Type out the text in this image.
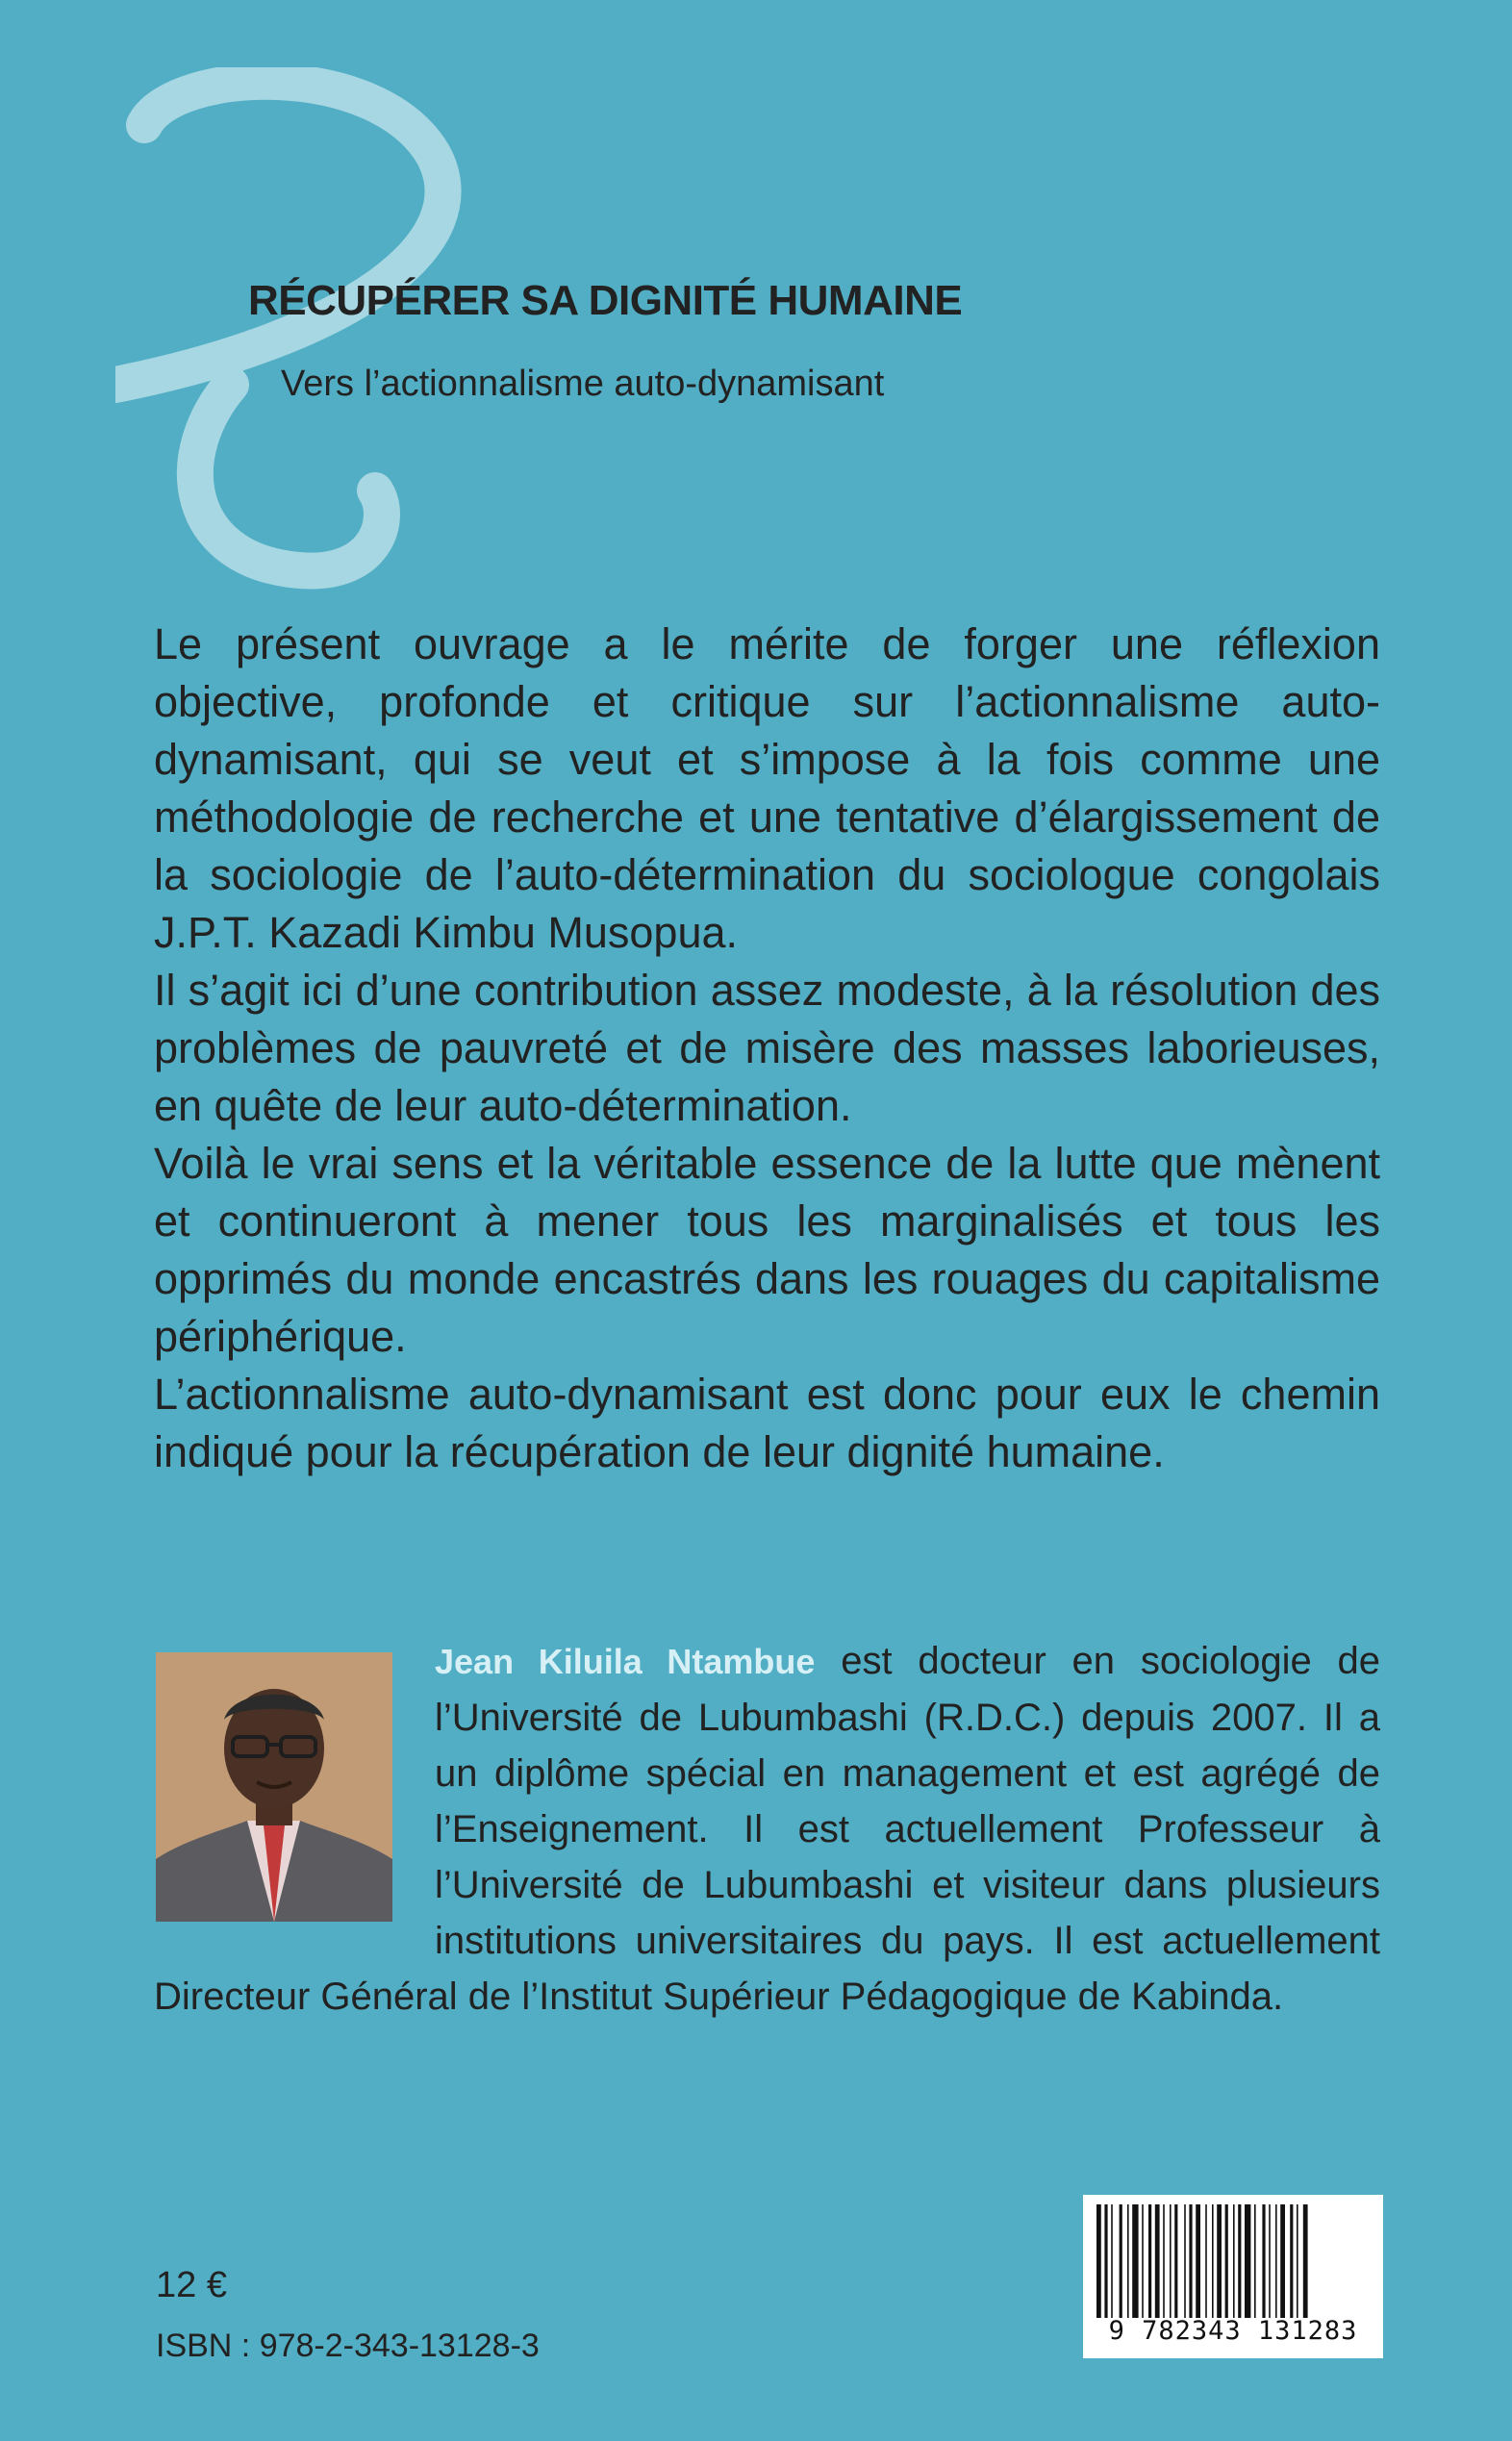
RÉCUPÉRER SA DIGNITÉ HUMAINE
Vers l’actionnalisme auto-dynamisant

Le présent ouvrage a le mérite de forger une réflexion objective, profonde et critique sur l’actionnalisme auto-dynamisant, qui se veut et s’impose à la fois comme une méthodologie de recherche et une tentative d’élargissement de la sociologie de l’auto-détermination du sociologue congolais J.P.T. Kazadi Kimbu Musopua.

Il s’agit ici d’une contribution assez modeste, à la résolution des problèmes de pauvreté et de misère des masses laborieuses, en quête de leur auto-détermination.

Voilà le vrai sens et la véritable essence de la lutte que mènent et continueront à mener tous les marginalisés et tous les opprimés du monde encastrés dans les rouages du capitalisme périphérique.

L’actionnalisme auto-dynamisant est donc pour eux le chemin indiqué pour la récupération de leur dignité humaine.

Jean Kiluila Ntambue est docteur en sociologie de l’Université de Lubumbashi (R.D.C.) depuis 2007. Il a un diplôme spécial en management et est agrégé de l’Enseignement. Il est actuellement Professeur à l’Université de Lubumbashi et visiteur dans plusieurs institutions universitaires du pays. Il est actuellement Directeur Général de l’Institut Supérieur Pédagogique de Kabinda.
12 €
ISBN : 978-2-343-13128-3	9 782343 131283
